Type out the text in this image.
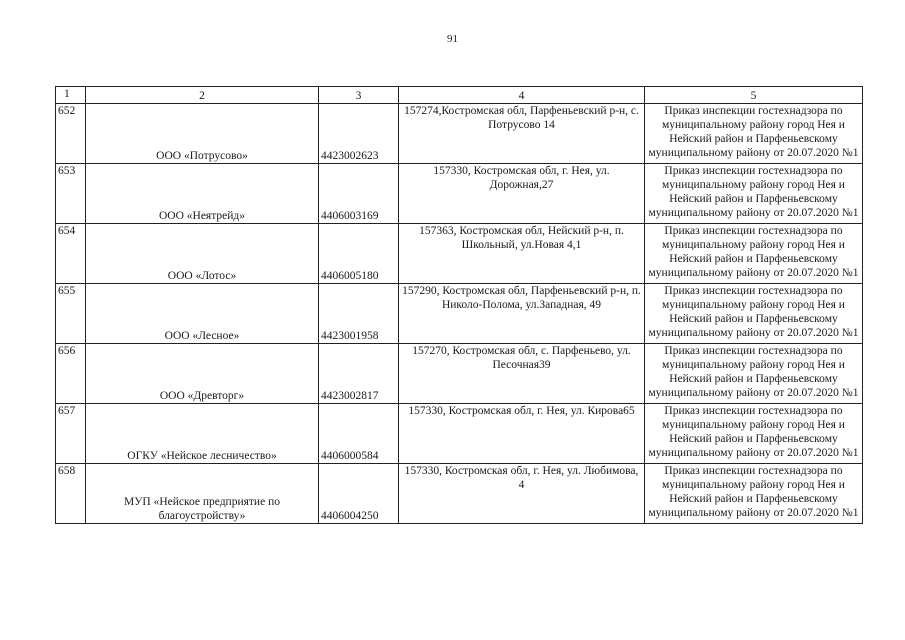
91
1	2	3	4	5
652	ООО «Потрусово»	4423002623	157274,Костромская обл, Парфеньевский р-н, с. Потрусово 14	Приказ инспекции гостехнадзора по муниципальному району город Нея и Нейский район и Парфеньевскому муниципальному району от 20.07.2020 №1
653	ООО «Неятрейд»	4406003169	157330, Костромская обл, г. Нея, ул. Дорожная,27	Приказ инспекции гостехнадзора по муниципальному району город Нея и Нейский район и Парфеньевскому муниципальному району от 20.07.2020 №1
654	ООО «Лотос»	4406005180	157363, Костромская обл, Нейский р-н, п. Школьный, ул.Новая 4,1	Приказ инспекции гостехнадзора по муниципальному району город Нея и Нейский район и Парфеньевскому муниципальному району от 20.07.2020 №1
655	ООО «Лесное»	4423001958	157290, Костромская обл, Парфеньевский р-н, п. Николо-Полома, ул.Западная, 49	Приказ инспекции гостехнадзора по муниципальному району город Нея и Нейский район и Парфеньевскому муниципальному району от 20.07.2020 №1
656	ООО «Древторг»	4423002817	157270, Костромская обл, с. Парфеньево, ул. Песочная39	Приказ инспекции гостехнадзора по муниципальному району город Нея и Нейский район и Парфеньевскому муниципальному району от 20.07.2020 №1
657	ОГКУ «Нейское лесничество»	4406000584	157330, Костромская обл, г. Нея, ул. Кирова65	Приказ инспекции гостехнадзора по муниципальному району город Нея и Нейский район и Парфеньевскому муниципальному району от 20.07.2020 №1
658	МУП «Нейское предприятие по благоустройству»	4406004250	157330, Костромская обл, г. Нея, ул. Любимова, 4	Приказ инспекции гостехнадзора по муниципальному району город Нея и Нейский район и Парфеньевскому муниципальному району от 20.07.2020 №1
